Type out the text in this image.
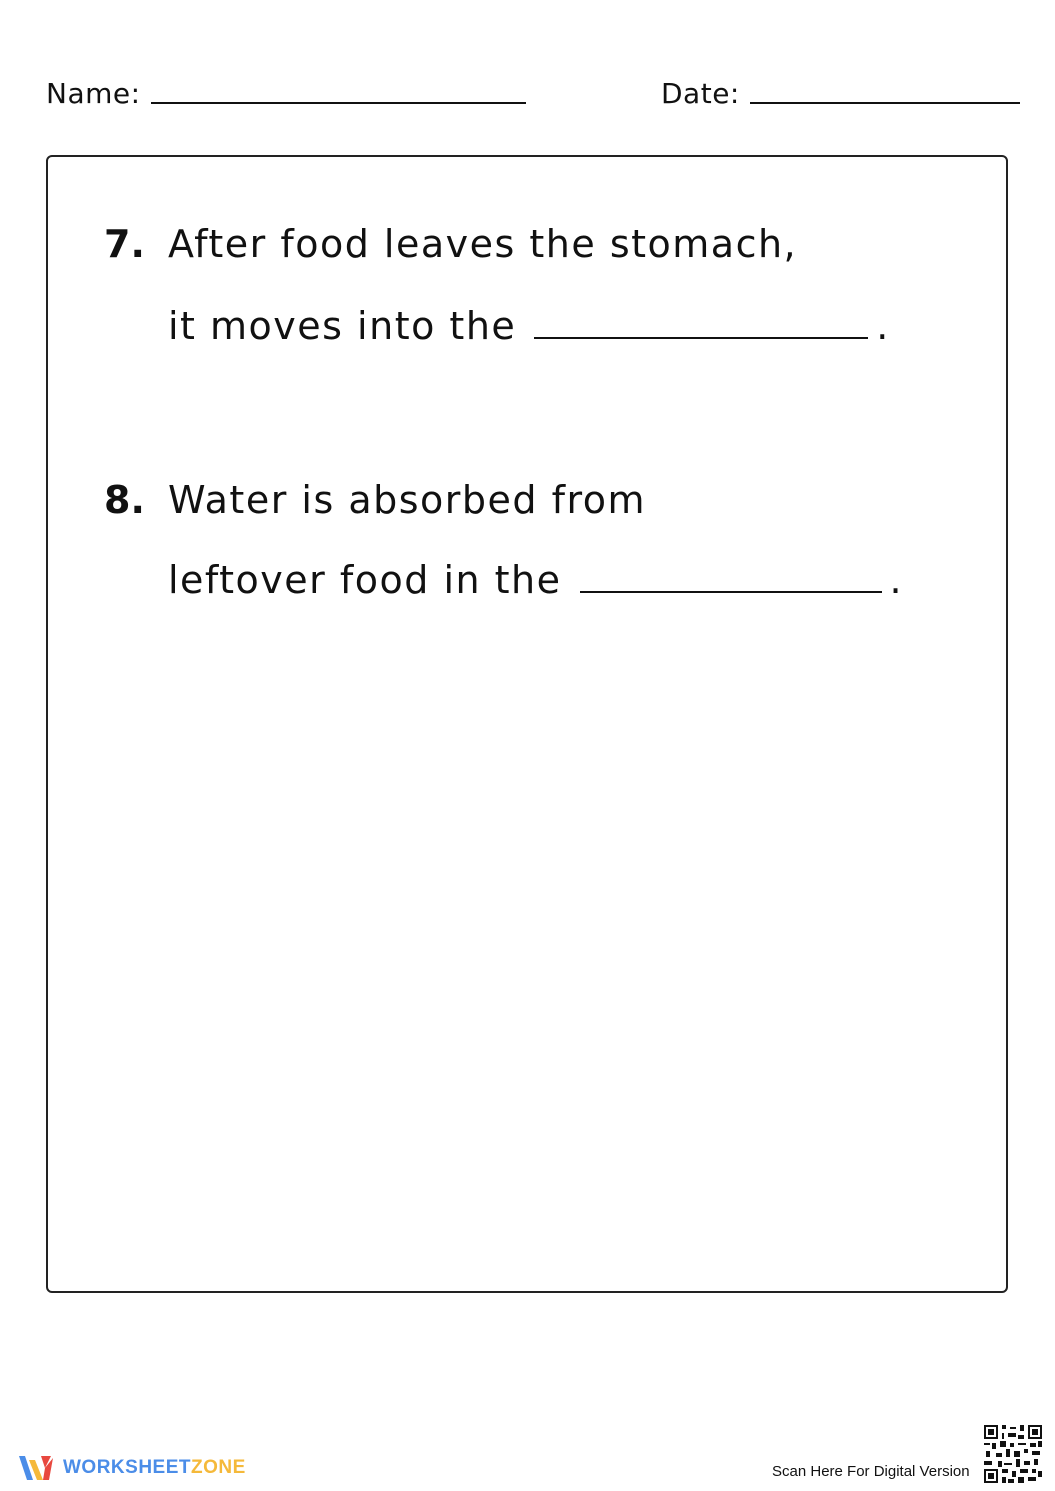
Name:	Date:
7. After food leaves the stomach,
it moves into the	.
8. Water is absorbed from
leftover food in the	.
WORKSHEETZONE	Scan Here For Digital Version
